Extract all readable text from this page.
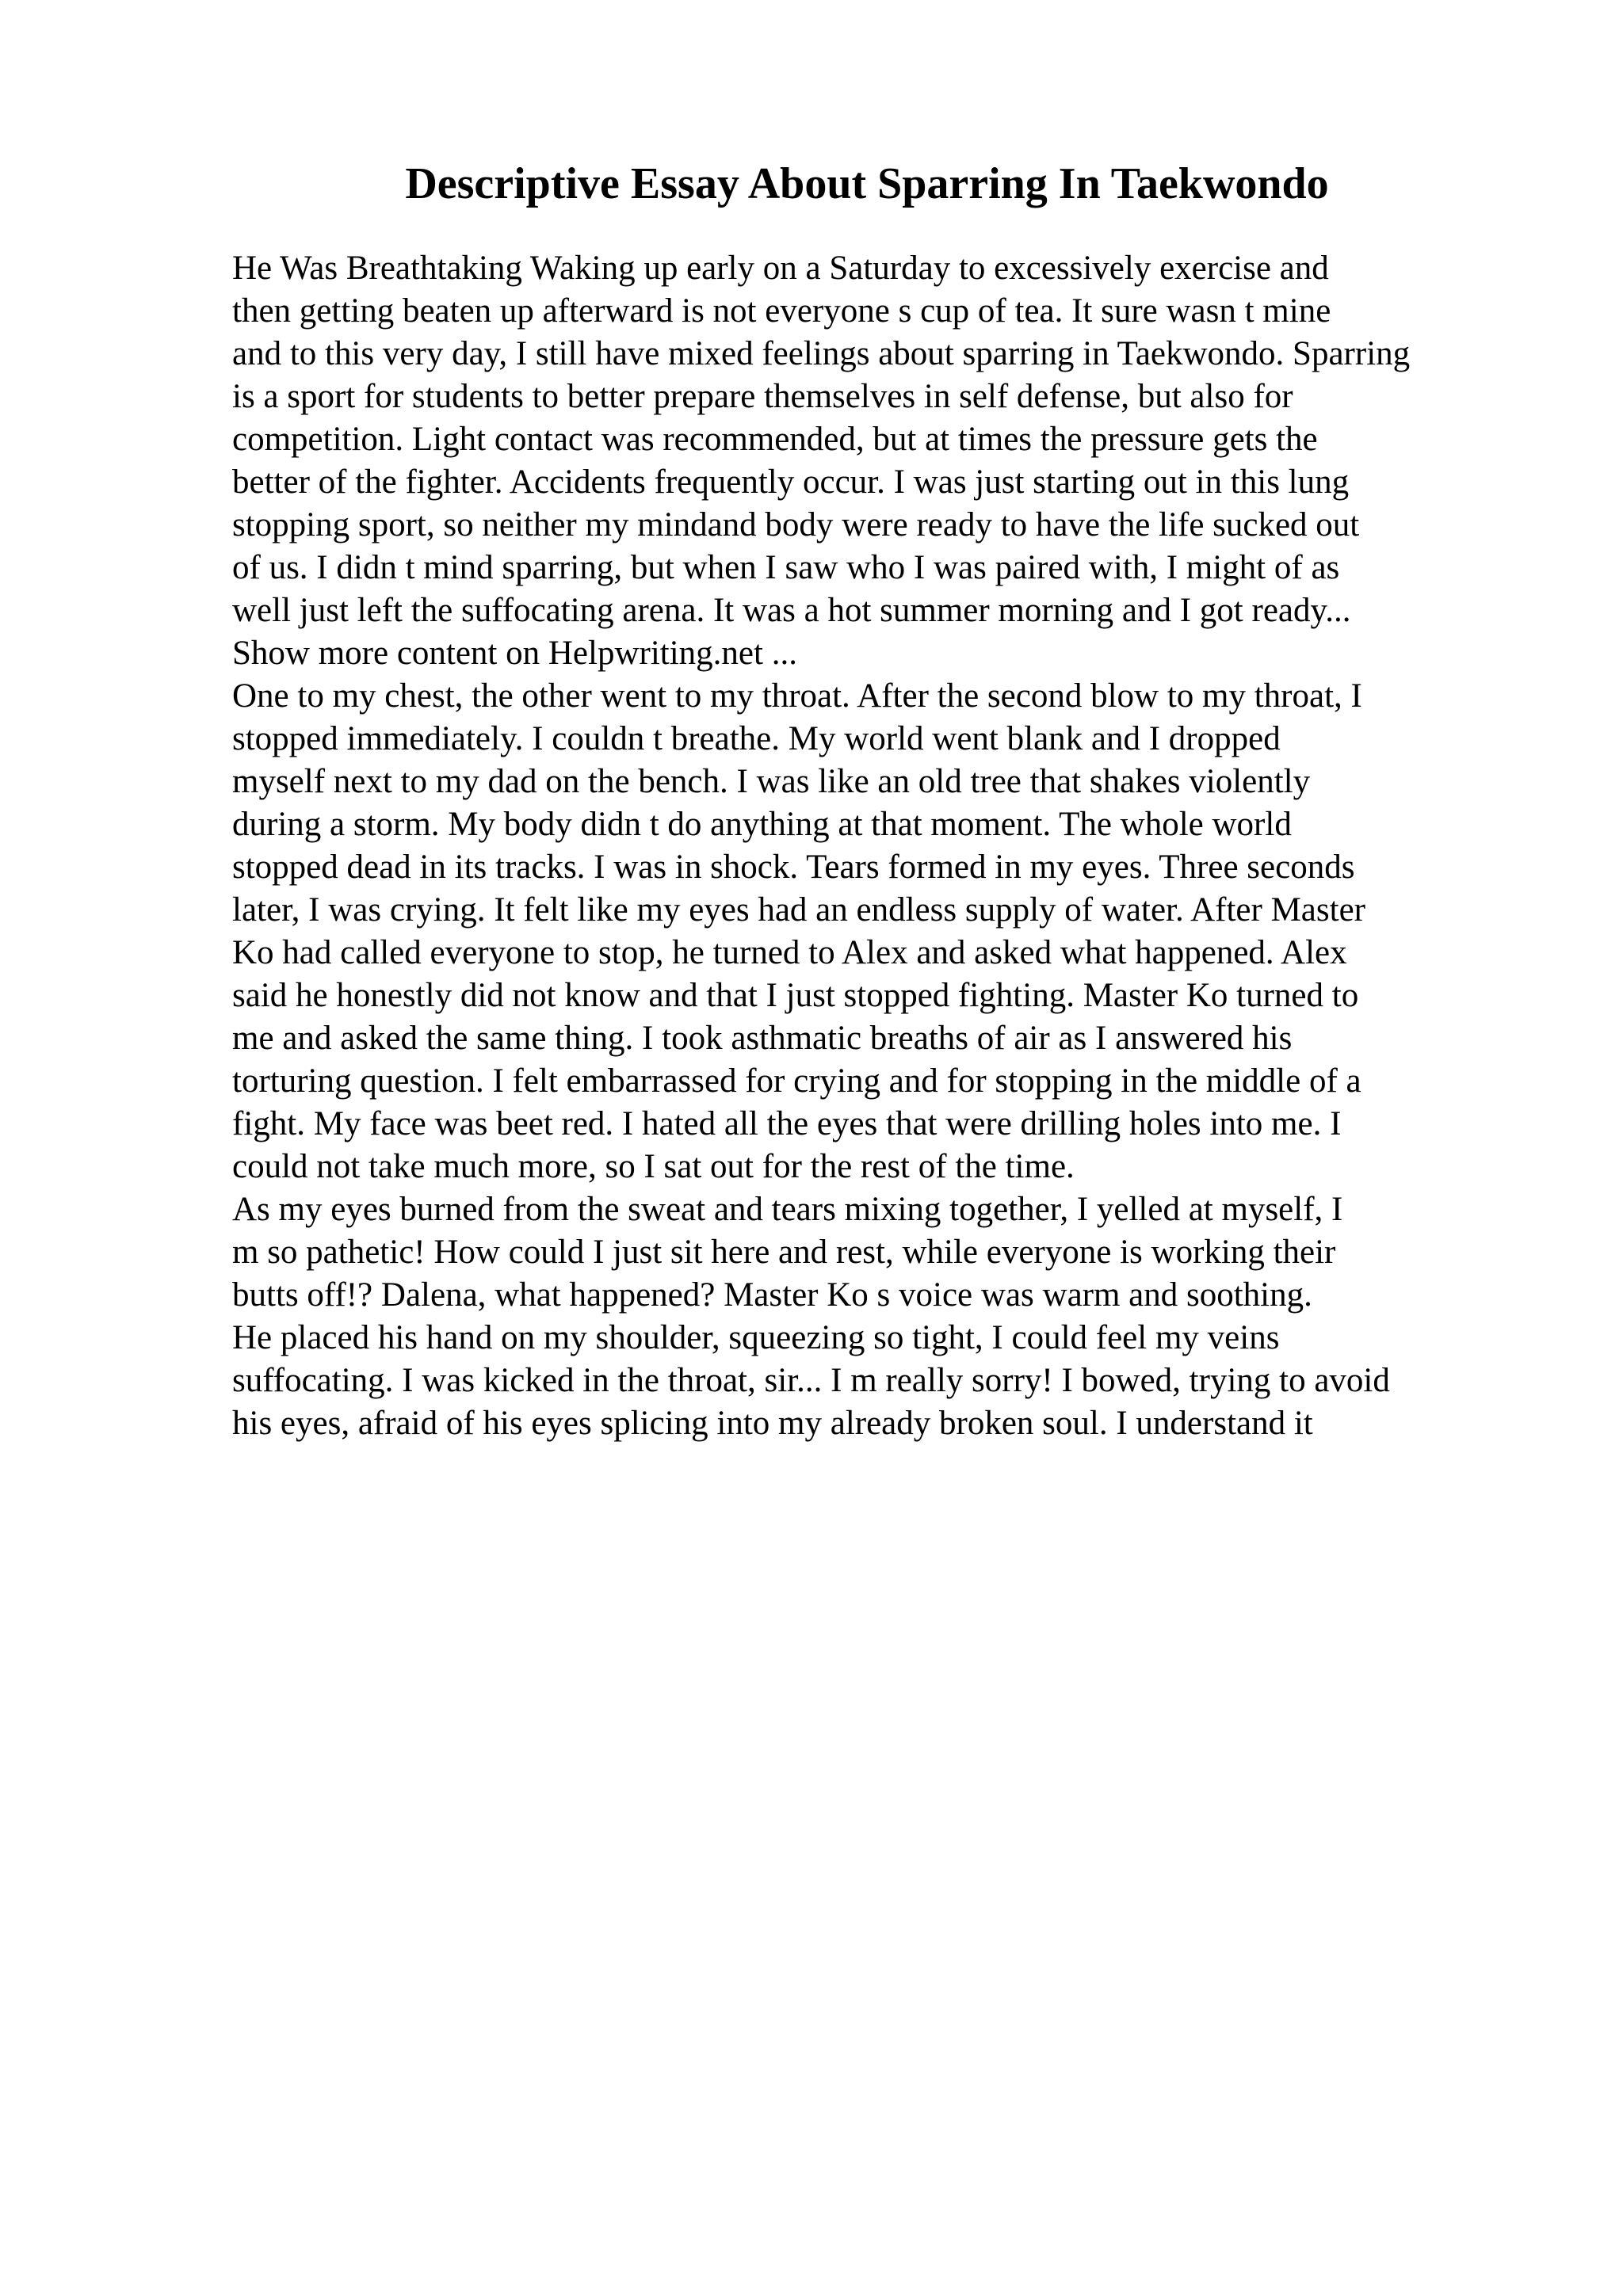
Descriptive Essay About Sparring In Taekwondo
He Was Breathtaking Waking up early on a Saturday to excessively exercise and
then getting beaten up afterward is not everyone s cup of tea. It sure wasn t mine
and to this very day, I still have mixed feelings about sparring in Taekwondo. Sparring
is a sport for students to better prepare themselves in self defense, but also for
competition. Light contact was recommended, but at times the pressure gets the
better of the fighter. Accidents frequently occur. I was just starting out in this lung
stopping sport, so neither my mindand body were ready to have the life sucked out
of us. I didn t mind sparring, but when I saw who I was paired with, I might of as
well just left the suffocating arena. It was a hot summer morning and I got ready...
Show more content on Helpwriting.net ...
One to my chest, the other went to my throat. After the second blow to my throat, I
stopped immediately. I couldn t breathe. My world went blank and I dropped
myself next to my dad on the bench. I was like an old tree that shakes violently
during a storm. My body didn t do anything at that moment. The whole world
stopped dead in its tracks. I was in shock. Tears formed in my eyes. Three seconds
later, I was crying. It felt like my eyes had an endless supply of water. After Master
Ko had called everyone to stop, he turned to Alex and asked what happened. Alex
said he honestly did not know and that I just stopped fighting. Master Ko turned to
me and asked the same thing. I took asthmatic breaths of air as I answered his
torturing question. I felt embarrassed for crying and for stopping in the middle of a
fight. My face was beet red. I hated all the eyes that were drilling holes into me. I
could not take much more, so I sat out for the rest of the time.
As my eyes burned from the sweat and tears mixing together, I yelled at myself, I
m so pathetic! How could I just sit here and rest, while everyone is working their
butts off!? Dalena, what happened? Master Ko s voice was warm and soothing.
He placed his hand on my shoulder, squeezing so tight, I could feel my veins
suffocating. I was kicked in the throat, sir... I m really sorry! I bowed, trying to avoid
his eyes, afraid of his eyes splicing into my already broken soul. I understand it
